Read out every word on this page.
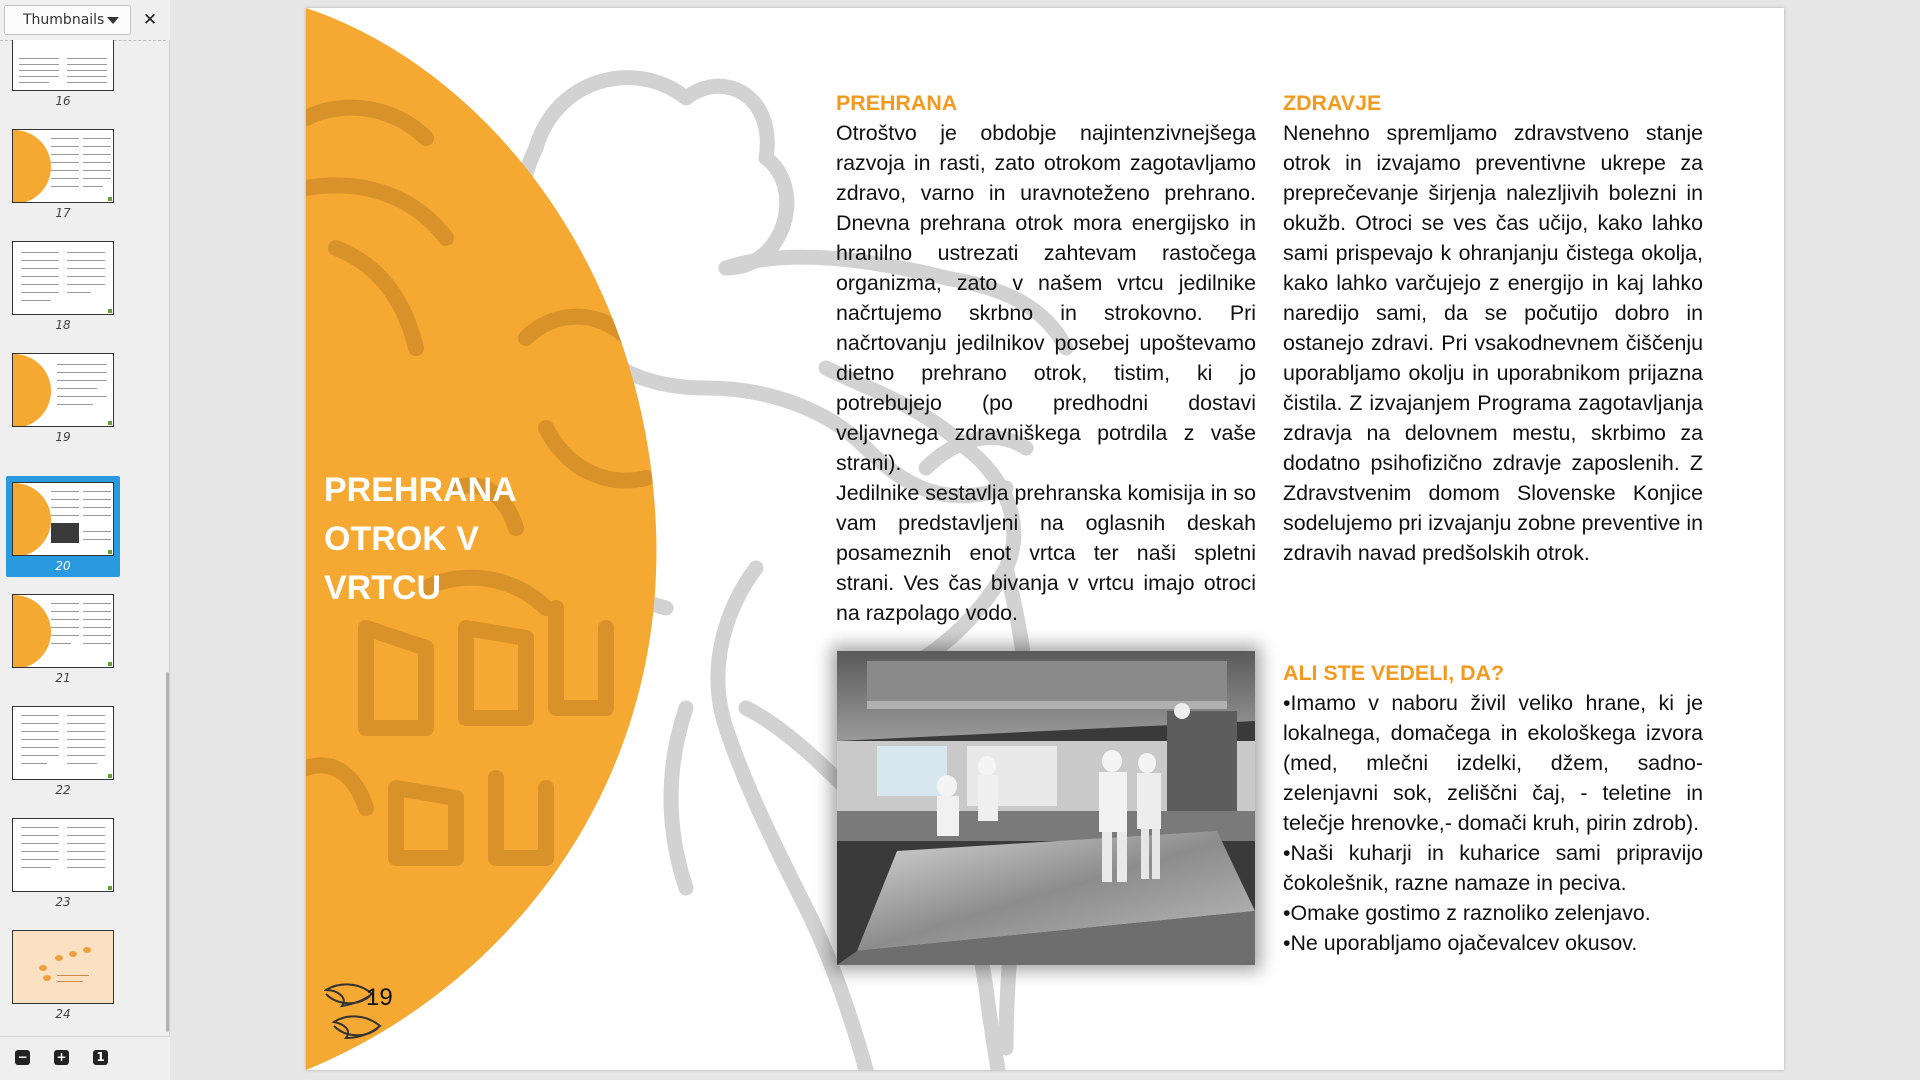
Thumbnails	✕
16
17
18
19
20
21
22
23
24
− + 1
PREHRANA
OTROK V
VRTCU
19
PREHRANA

Otroštvo je obdobje najintenzivnejšega razvoja in rasti, zato otrokom zagotavljamo zdravo, varno in uravnoteženo prehrano. Dnevna prehrana otrok mora energijsko in hranilno ustrezati zahtevam rastočega organizma, zato v našem vrtcu jedilnike načrtujemo skrbno in strokovno. Pri načrtovanju jedilnikov posebej upoštevamo dietno prehrano otrok, tistim, ki jo potrebujejo (po predhodni dostavi veljavnega zdravniškega potrdila z vaše strani).

Jedilnike sestavlja prehranska komisija in so vam predstavljeni na oglasnih deskah posameznih enot vrtca ter naši spletni strani. Ves čas bivanja v vrtcu imajo otroci na razpolago vodo.

ZDRAVJE

Nenehno spremljamo zdravstveno stanje otrok in izvajamo preventivne ukrepe za preprečevanje širjenja nalezljivih bolezni in okužb. Otroci se ves čas učijo, kako lahko sami prispevajo k ohranjanju čistega okolja, kako lahko varčujejo z energijo in kaj lahko naredijo sami, da se počutijo dobro in ostanejo zdravi. Pri vsakodnevnem čiščenju uporabljamo okolju in uporabnikom prijazna čistila. Z izvajanjem Programa zagotavljanja zdravja na delovnem mestu, skrbimo za dodatno psihofizično zdravje zaposlenih. Z Zdravstvenim domom Slovenske Konjice sodelujemo pri izvajanju zobne preventive in zdravih navad predšolskih otrok.

ALI STE VEDELI, DA?

•Imamo v naboru živil veliko hrane, ki je lokalnega, domačega in ekološkega izvora (med, mlečni izdelki, džem, sadno-zelenjavni sok, zeliščni čaj, - teletine in telečje hrenovke,- domači kruh, pirin zdrob).

•Naši kuharji in kuharice sami pripravijo čokolešnik, razne namaze in peciva.

•Omake gostimo z raznoliko zelenjavo.

•Ne uporabljamo ojačevalcev okusov.
